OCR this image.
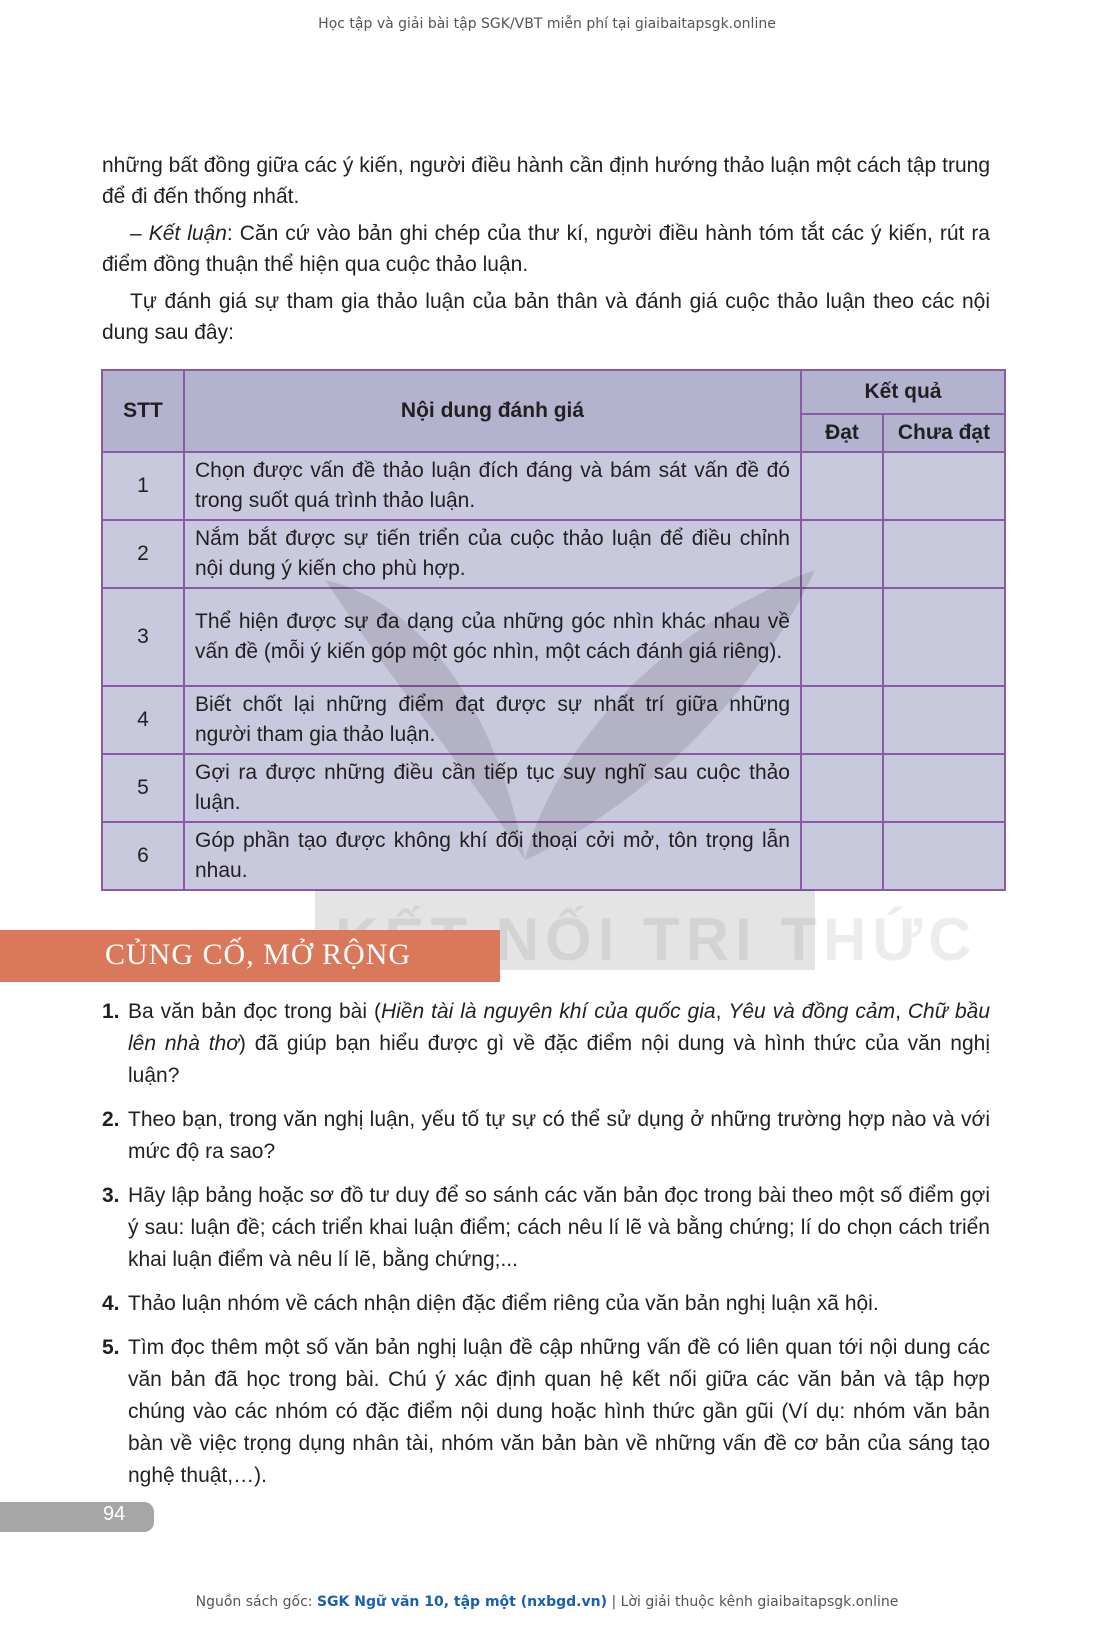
Học tập và giải bài tập SGK/VBT miễn phí tại giaibaitapsgk.online

những bất đồng giữa các ý kiến, người điều hành cần định hướng thảo luận một cách tập trung để đi đến thống nhất.

– Kết luận: Căn cứ vào bản ghi chép của thư kí, người điều hành tóm tắt các ý kiến, rút ra điểm đồng thuận thể hiện qua cuộc thảo luận.

Tự đánh giá sự tham gia thảo luận của bản thân và đánh giá cuộc thảo luận theo các nội dung sau đây:

STT	Nội dung đánh giá	Kết quả	
		Đạt	Chưa đạt
1	Chọn được vấn đề thảo luận đích đáng và bám sát vấn đề đó trong suốt quá trình thảo luận.		
2	Nắm bắt được sự tiến triển của cuộc thảo luận để điều chỉnh nội dung ý kiến cho phù hợp.		
3	Thể hiện được sự đa dạng của những góc nhìn khác nhau về vấn đề (mỗi ý kiến góp một góc nhìn, một cách đánh giá riêng).		
4	Biết chốt lại những điểm đạt được sự nhất trí giữa những người tham gia thảo luận.		
5	Gợi ra được những điều cần tiếp tục suy nghĩ sau cuộc thảo luận.		
6	Góp phần tạo được không khí đối thoại cởi mở, tôn trọng lẫn nhau.		
KẾT NỐI TRI THỨC
CỦNG CỐ, MỞ RỘNG

1. Ba văn bản đọc trong bài (Hiền tài là nguyên khí của quốc gia, Yêu và đồng cảm, Chữ bầu lên nhà thơ) đã giúp bạn hiểu được gì về đặc điểm nội dung và hình thức của văn nghị luận?

2. Theo bạn, trong văn nghị luận, yếu tố tự sự có thể sử dụng ở những trường hợp nào và với mức độ ra sao?

3. Hãy lập bảng hoặc sơ đồ tư duy để so sánh các văn bản đọc trong bài theo một số điểm gợi ý sau: luận đề; cách triển khai luận điểm; cách nêu lí lẽ và bằng chứng; lí do chọn cách triển khai luận điểm và nêu lí lẽ, bằng chứng;...

4. Thảo luận nhóm về cách nhận diện đặc điểm riêng của văn bản nghị luận xã hội.

5. Tìm đọc thêm một số văn bản nghị luận đề cập những vấn đề có liên quan tới nội dung các văn bản đã học trong bài. Chú ý xác định quan hệ kết nối giữa các văn bản và tập hợp chúng vào các nhóm có đặc điểm nội dung hoặc hình thức gần gũi (Ví dụ: nhóm văn bản bàn về việc trọng dụng nhân tài, nhóm văn bản bàn về những vấn đề cơ bản của sáng tạo nghệ thuật,…).

94
Nguồn sách gốc: SGK Ngữ văn 10, tập một (nxbgd.vn) | Lời giải thuộc kênh giaibaitapsgk.online
